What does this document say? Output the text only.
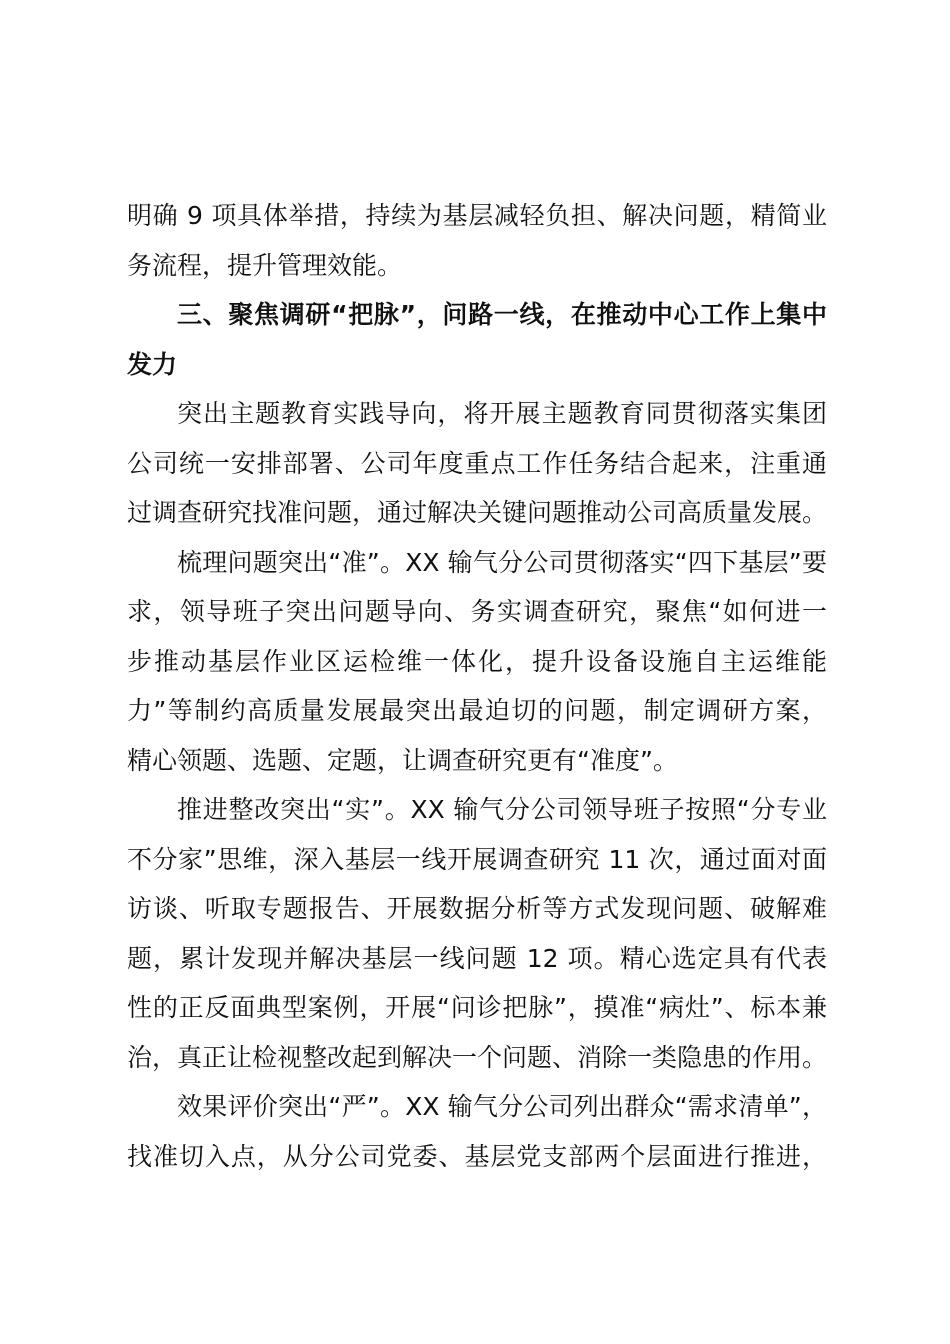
明确 9 项具体举措，持续为基层减轻负担、解决问题，精简业
务流程，提升管理效能。

三、聚焦调研“把脉”，问路一线，在推动中心工作上集中
发力

突出主题教育实践导向，将开展主题教育同贯彻落实集团
公司统一安排部署、公司年度重点工作任务结合起来，注重通
过调查研究找准问题，通过解决关键问题推动公司高质量发展。

梳理问题突出“准”。XX 输气分公司贯彻落实“四下基层”要
求，领导班子突出问题导向、务实调查研究，聚焦“如何进一
步推动基层作业区运检维一体化，提升设备设施自主运维能
力”等制约高质量发展最突出最迫切的问题，制定调研方案，
精心领题、选题、定题，让调查研究更有“准度”。

推进整改突出“实”。XX 输气分公司领导班子按照“分专业
不分家”思维，深入基层一线开展调查研究 11 次，通过面对面
访谈、听取专题报告、开展数据分析等方式发现问题、破解难
题，累计发现并解决基层一线问题 12 项。精心选定具有代表
性的正反面典型案例，开展“问诊把脉”，摸准“病灶”、标本兼
治，真正让检视整改起到解决一个问题、消除一类隐患的作用。

效果评价突出“严”。XX 输气分公司列出群众“需求清单”，
找准切入点，从分公司党委、基层党支部两个层面进行推进，
